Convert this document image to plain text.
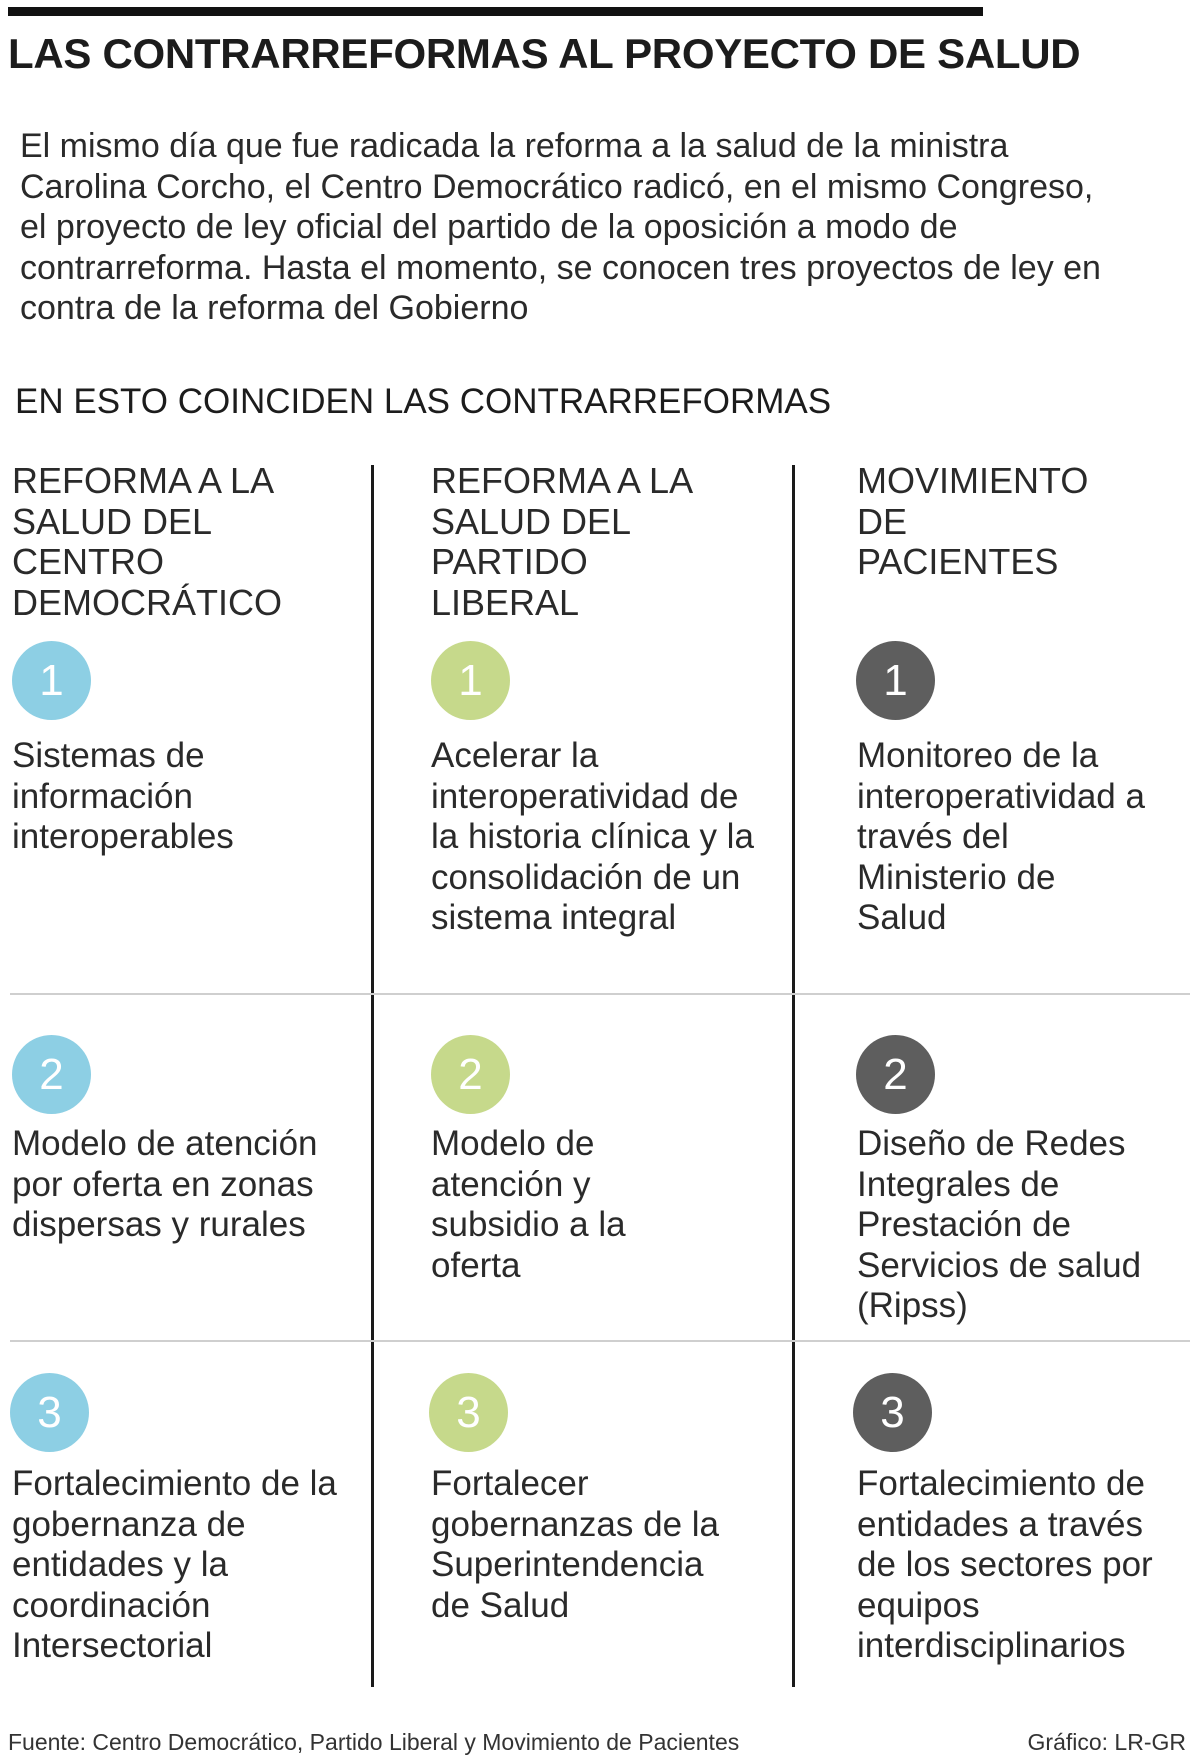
LAS CONTRARREFORMAS AL PROYECTO DE SALUD
El mismo día que fue radicada la reforma a la salud de la ministra Carolina Corcho, el Centro Democrático radicó, en el mismo Congreso, el proyecto de ley oficial del partido de la oposición a modo de contrarreforma. Hasta el momento, se conocen tres proyectos de ley en contra de la reforma del Gobierno
EN ESTO COINCIDEN LAS CONTRARREFORMAS
REFORMA A LA SALUD DEL CENTRO DEMOCRÁTICO
1
Sistemas de información interoperables
2
Modelo de atención por oferta en zonas dispersas y rurales
3
Fortalecimiento de la gobernanza de entidades y la coordinación Intersectorial
REFORMA A LA SALUD DEL PARTIDO LIBERAL
1
Acelerar la interoperatividad de la historia clínica y la consolidación de un sistema integral
2
Modelo de atención y subsidio a la oferta
3
Fortalecer gobernanzas de la Superintendencia de Salud
MOVIMIENTO DE PACIENTES
1
Monitoreo de la interoperatividad a través del Ministerio de Salud
2
Diseño de Redes Integrales de Prestación de Servicios de salud (Ripss)
3
Fortalecimiento de entidades a través de los sectores por equipos interdisciplinarios
Fuente: Centro Democrático, Partido Liberal y Movimiento de Pacientes	Gráfico: LR-GR
